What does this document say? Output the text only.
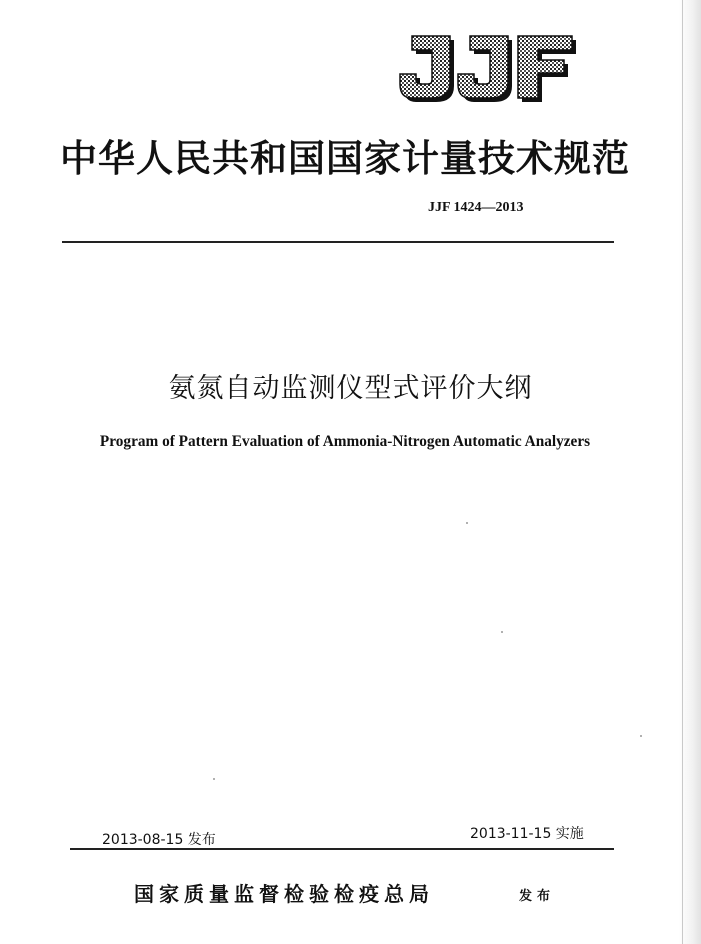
中华人民共和国国家计量技术规范
JJF 1424—2013
氨氮自动监测仪型式评价大纲
Program of Pattern Evaluation of Ammonia-Nitrogen Automatic Analyzers
2013-08-15 发布	2013-11-15 实施
国家质量监督检验检疫总局	发布
